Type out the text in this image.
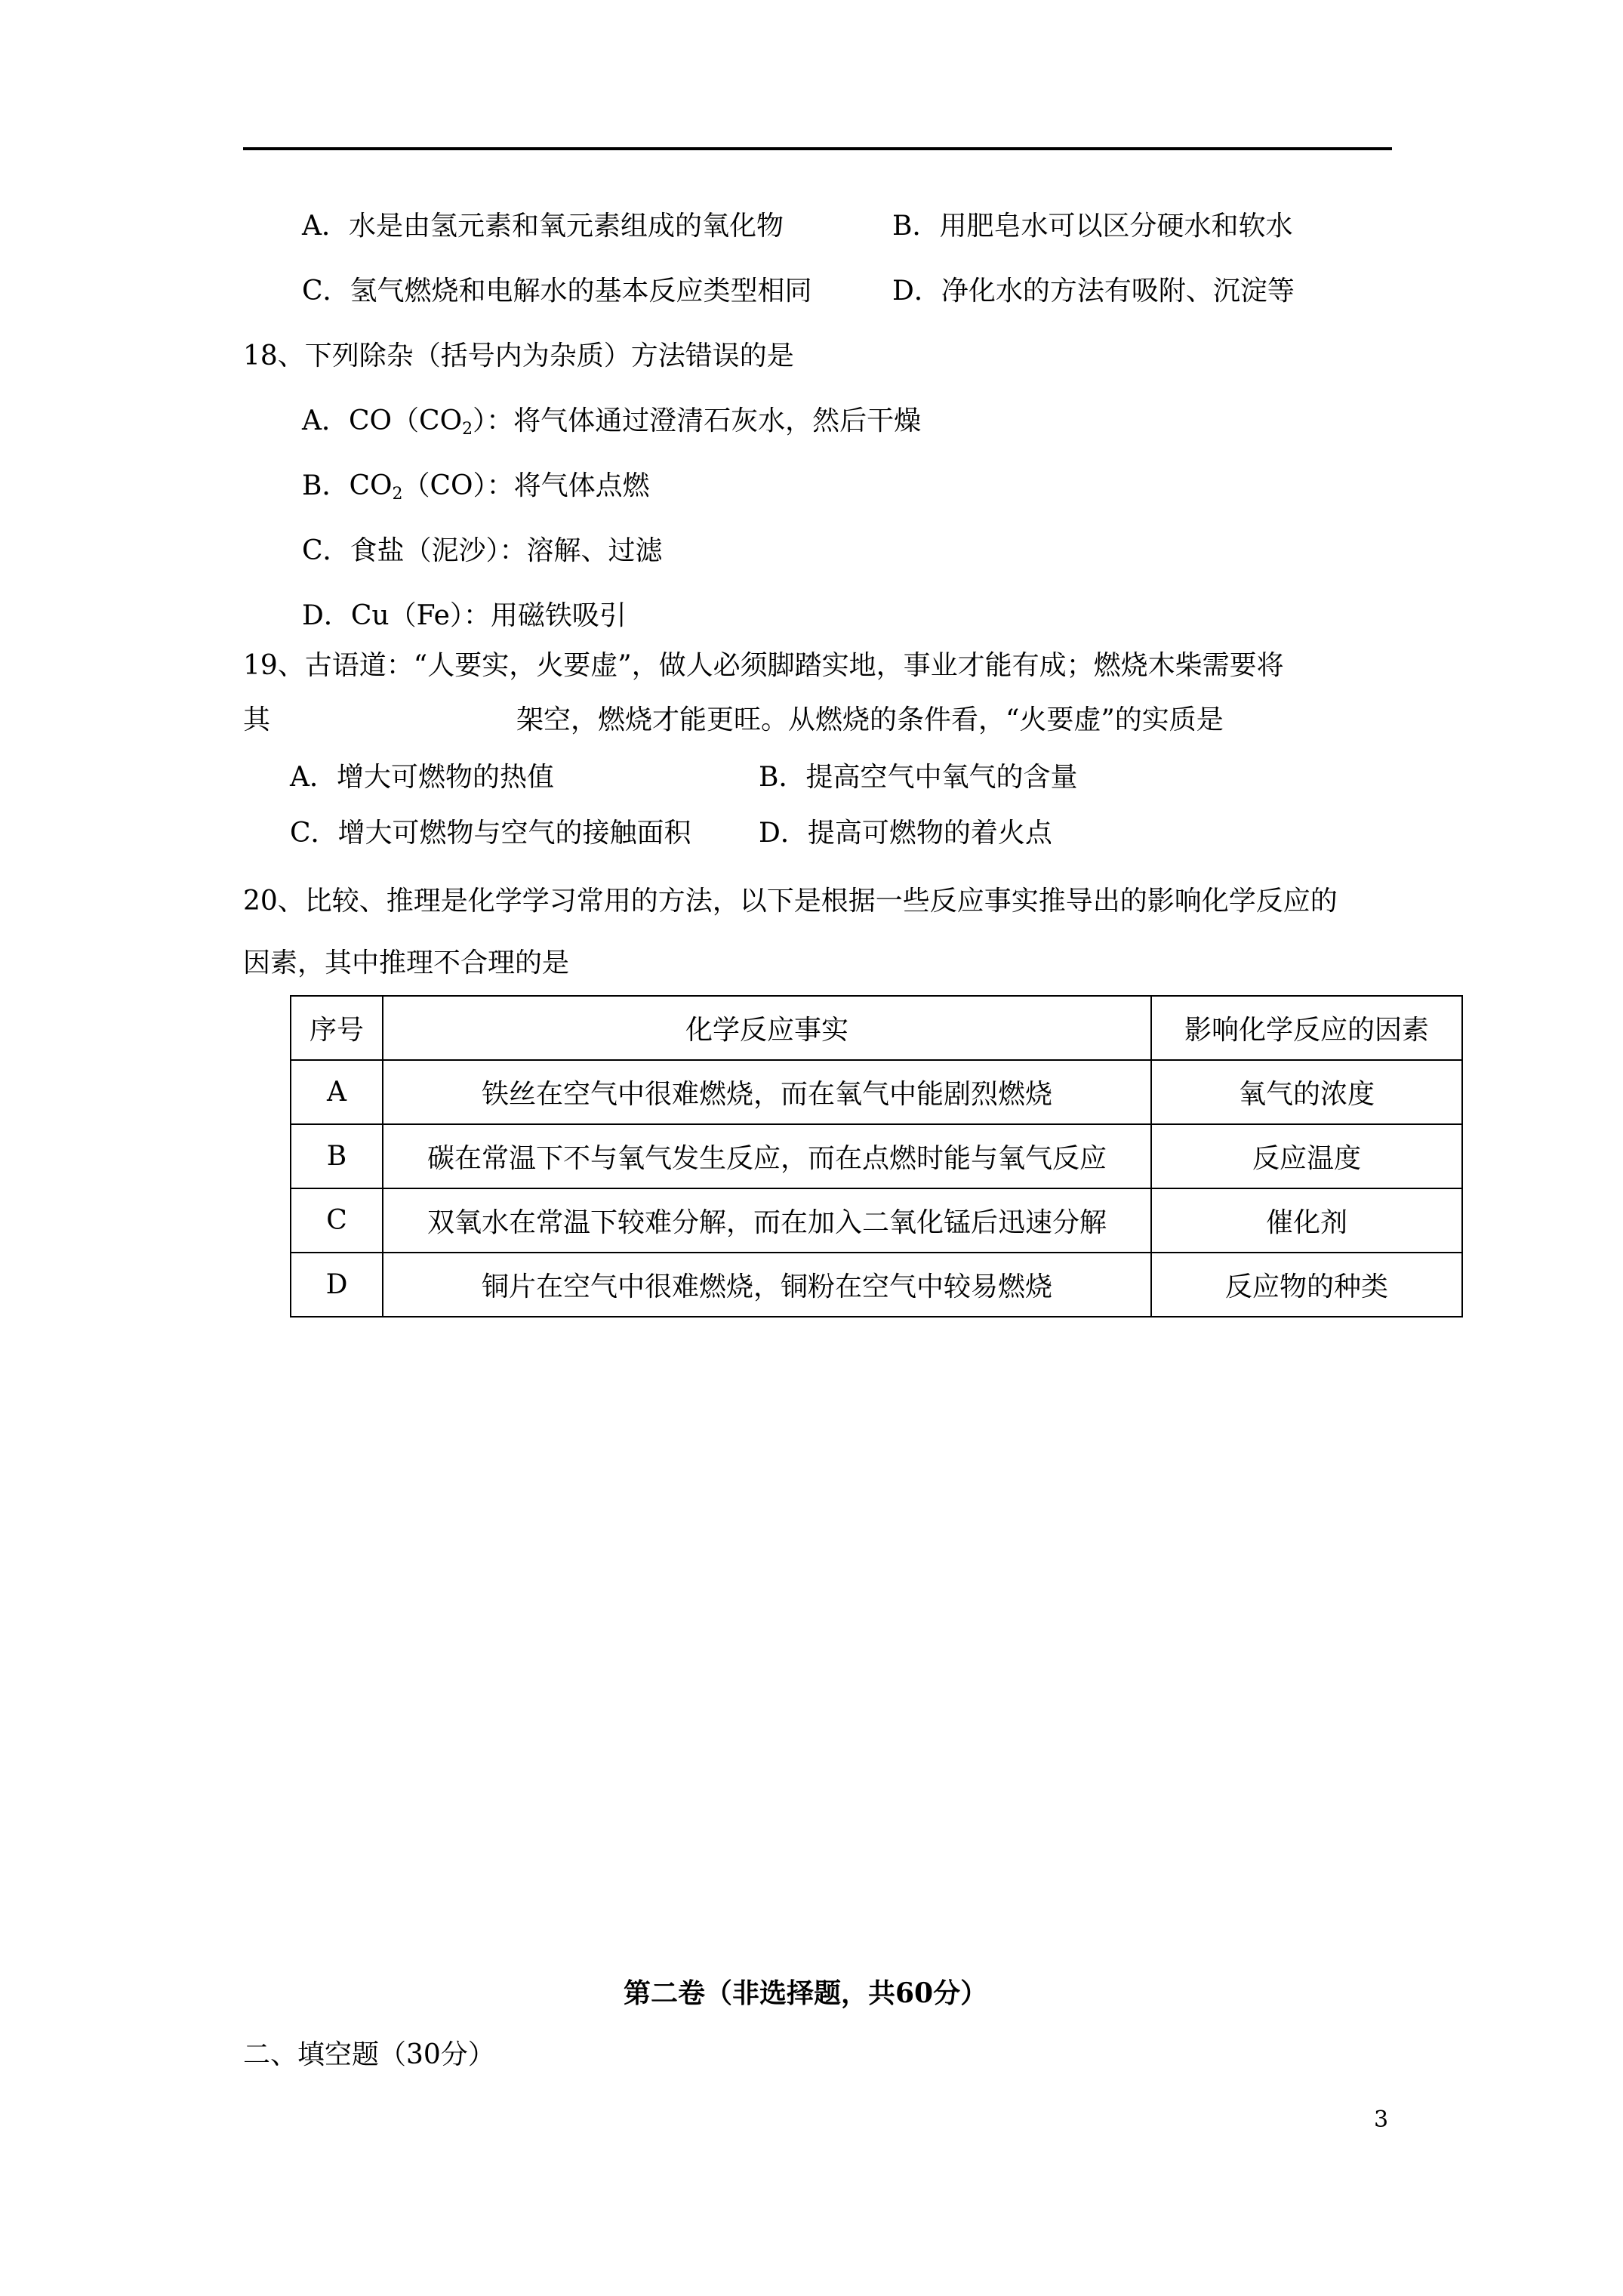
A．水是由氢元素和氧元素组成的氧化物	B．用肥皂水可以区分硬水和软水
C．氢气燃烧和电解水的基本反应类型相同	D．净化水的方法有吸附、沉淀等
18、下列除杂（括号内为杂质）方法错误的是
A．$CO(CO_2)$：将气体通过澄清石灰水，然后干燥
B．$CO_2(CO)$：将气体点燃
C．食盐（泥沙）：溶解、过滤
D．Cu（Fe）：用磁铁吸引
19、古语道：“人要实，火要虚”，做人必须脚踏实地，事业才能有成；燃烧木柴需要将
其	架空，燃烧才能更旺。从燃烧的条件看，“火要虚”的实质是
A．增大可燃物的热值	B．提高空气中氧气的含量
C．增大可燃物与空气的接触面积 D．提高可燃物的着火点
20、比较、推理是化学学习常用的方法，以下是根据一些反应事实推导出的影响化学反应的
因素，其中推理不合理的是
序号	化学反应事实	影响化学反应的因素
A	铁丝在空气中很难燃烧，而在氧气中能剧烈燃烧	氧气的浓度
B	碳在常温下不与氧气发生反应，而在点燃时能与氧气反应	反应温度
C	双氧水在常温下较难分解，而在加入二氧化锰后迅速分解	催化剂
D	铜片在空气中很难燃烧，铜粉在空气中较易燃烧	反应物的种类
第二卷（非选择题，共60分）
二、填空题（30分）
3
